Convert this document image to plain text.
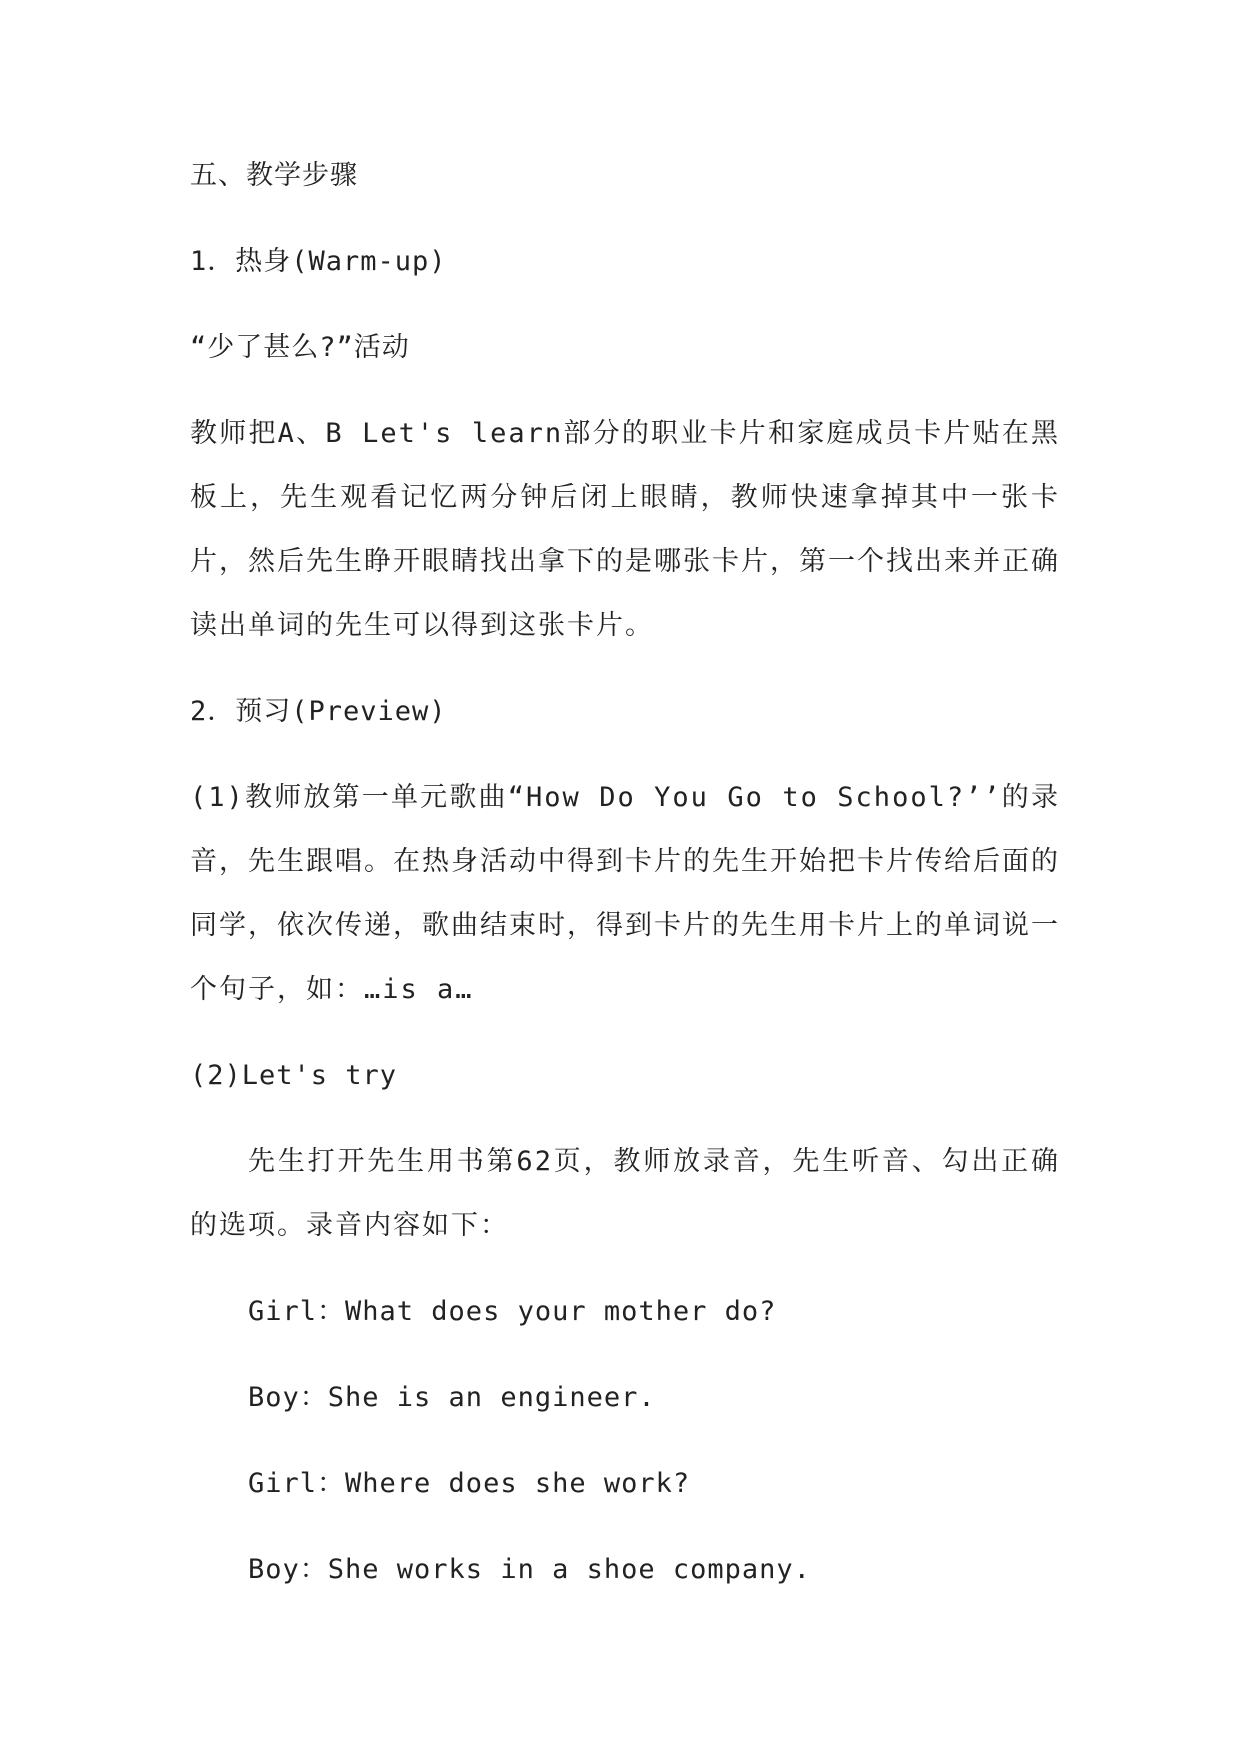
五、教学步骤
1．热身(Warm-up)
“少了甚么?”活动
教师把A、B Let's learn部分的职业卡片和家庭成员卡片贴在黑板上，先生观看记忆两分钟后闭上眼睛，教师快速拿掉其中一张卡片，然后先生睁开眼睛找出拿下的是哪张卡片，第一个找出来并正确读出单词的先生可以得到这张卡片。
2．预习(Preview)
(1)教师放第一单元歌曲“How Do You Go to School?’’的录音，先生跟唱。在热身活动中得到卡片的先生开始把卡片传给后面的同学，依次传递，歌曲结束时，得到卡片的先生用卡片上的单词说一个句子，如：…is a…
(2)Let's try
先生打开先生用书第62页，教师放录音，先生听音、勾出正确的选项。录音内容如下：
Girl：What does your mother do?
Boy：She is an engineer.
Girl：Where does she work?
Boy：She works in a shoe company.
